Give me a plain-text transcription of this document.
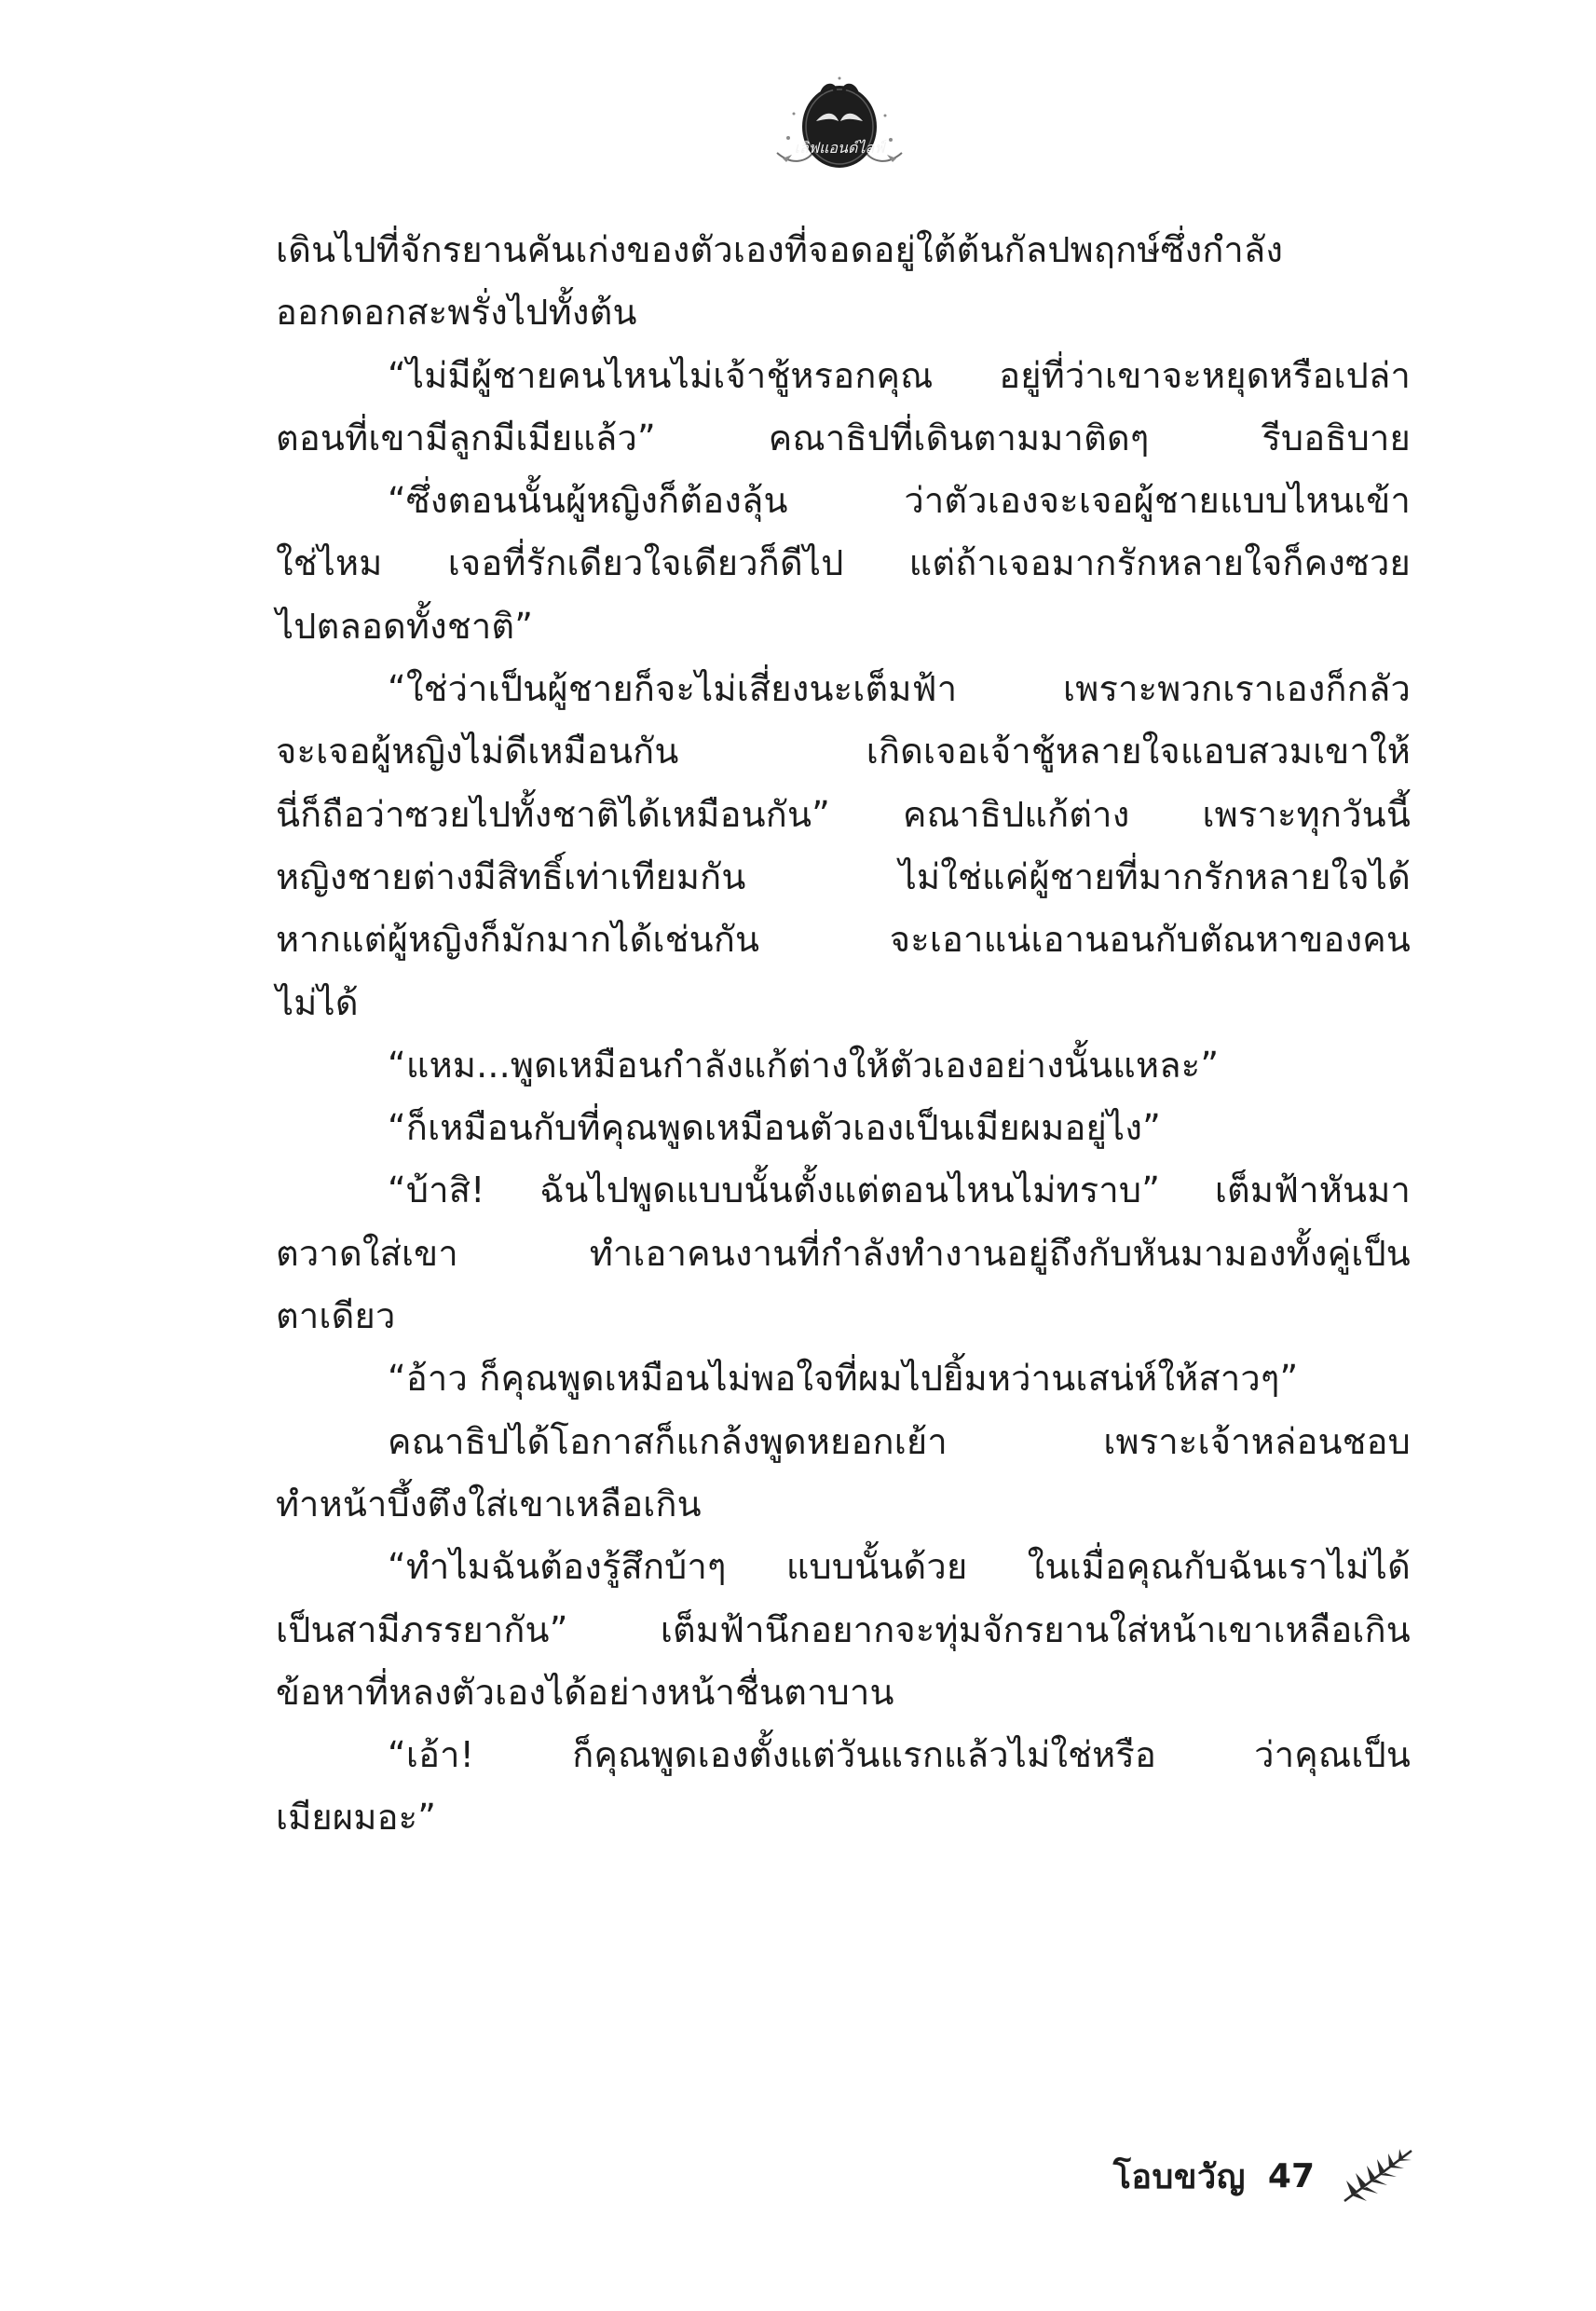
เลิฟแอนด์ไลฟ์
เดินไปที่จักรยานคันเก่งของตัวเองที่จอดอยู่ใต้ต้นกัลปพฤกษ์ซึ่งกำลัง
ออกดอกสะพรั่งไปทั้งต้น
“ไม่มีผู้ชายคนไหนไม่เจ้าชู้หรอกคุณ อยู่ที่ว่าเขาจะหยุดหรือเปล่า
ตอนที่เขามีลูกมีเมียแล้ว” คณาธิปที่เดินตามมาติดๆ รีบอธิบาย
“ซึ่งตอนนั้นผู้หญิงก็ต้องลุ้น ว่าตัวเองจะเจอผู้ชายแบบไหนเข้า
ใช่ไหม เจอที่รักเดียวใจเดียวก็ดีไป แต่ถ้าเจอมากรักหลายใจก็คงซวย
ไปตลอดทั้งชาติ”
“ใช่ว่าเป็นผู้ชายก็จะไม่เสี่ยงนะเต็มฟ้า เพราะพวกเราเองก็กลัว
จะเจอผู้หญิงไม่ดีเหมือนกัน เกิดเจอเจ้าชู้หลายใจแอบสวมเขาให้
นี่ก็ถือว่าซวยไปทั้งชาติได้เหมือนกัน” คณาธิปแก้ต่าง เพราะทุกวันนี้
หญิงชายต่างมีสิทธิ์เท่าเทียมกัน ไม่ใช่แค่ผู้ชายที่มากรักหลายใจได้
หากแต่ผู้หญิงก็มักมากได้เช่นกัน จะเอาแน่เอานอนกับตัณหาของคน
ไม่ได้
“แหม...พูดเหมือนกำลังแก้ต่างให้ตัวเองอย่างนั้นแหละ”
“ก็เหมือนกับที่คุณพูดเหมือนตัวเองเป็นเมียผมอยู่ไง”
“บ้าสิ! ฉันไปพูดแบบนั้นตั้งแต่ตอนไหนไม่ทราบ” เต็มฟ้าหันมา
ตวาดใส่เขา ทำเอาคนงานที่กำลังทำงานอยู่ถึงกับหันมามองทั้งคู่เป็น
ตาเดียว
“อ้าว ก็คุณพูดเหมือนไม่พอใจที่ผมไปยิ้มหว่านเสน่ห์ให้สาวๆ”
คณาธิปได้โอกาสก็แกล้งพูดหยอกเย้า เพราะเจ้าหล่อนชอบ
ทำหน้าบึ้งตึงใส่เขาเหลือเกิน
“ทำไมฉันต้องรู้สึกบ้าๆ แบบนั้นด้วย ในเมื่อคุณกับฉันเราไม่ได้
เป็นสามีภรรยากัน” เต็มฟ้านึกอยากจะทุ่มจักรยานใส่หน้าเขาเหลือเกิน
ข้อหาที่หลงตัวเองได้อย่างหน้าชื่นตาบาน
“เอ้า! ก็คุณพูดเองตั้งแต่วันแรกแล้วไม่ใช่หรือ ว่าคุณเป็น
เมียผมอะ”
โอบขวัญ 47
